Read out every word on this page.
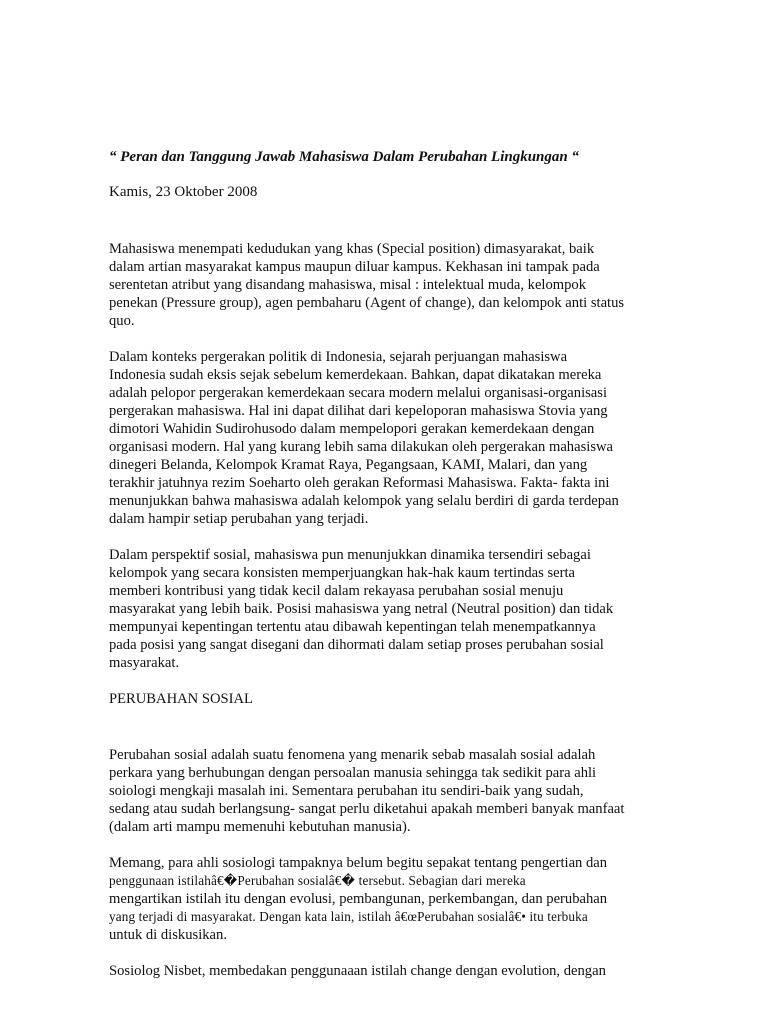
“ Peran dan Tanggung Jawab Mahasiswa Dalam Perubahan Lingkungan “
Kamis, 23 Oktober 2008
Mahasiswa menempati kedudukan yang khas (Special position) dimasyarakat, baik
dalam artian masyarakat kampus maupun diluar kampus. Kekhasan ini tampak pada
serentetan atribut yang disandang mahasiswa, misal : intelektual muda, kelompok
penekan (Pressure group), agen pembaharu (Agent of change), dan kelompok anti status
quo.
Dalam konteks pergerakan politik di Indonesia, sejarah perjuangan mahasiswa
Indonesia sudah eksis sejak sebelum kemerdekaan. Bahkan, dapat dikatakan mereka
adalah pelopor pergerakan kemerdekaan secara modern melalui organisasi-organisasi
pergerakan mahasiswa. Hal ini dapat dilihat dari kepeloporan mahasiswa Stovia yang
dimotori Wahidin Sudirohusodo dalam mempelopori gerakan kemerdekaan dengan
organisasi modern. Hal yang kurang lebih sama dilakukan oleh pergerakan mahasiswa
dinegeri Belanda, Kelompok Kramat Raya, Pegangsaan, KAMI, Malari, dan yang
terakhir jatuhnya rezim Soeharto oleh gerakan Reformasi Mahasiswa. Fakta- fakta ini
menunjukkan bahwa mahasiswa adalah kelompok yang selalu berdiri di garda terdepan
dalam hampir setiap perubahan yang terjadi.
Dalam perspektif sosial, mahasiswa pun menunjukkan dinamika tersendiri sebagai
kelompok yang secara konsisten memperjuangkan hak-hak kaum tertindas serta
memberi kontribusi yang tidak kecil dalam rekayasa perubahan sosial menuju
masyarakat yang lebih baik. Posisi mahasiswa yang netral (Neutral position) dan tidak
mempunyai kepentingan tertentu atau dibawah kepentingan telah menempatkannya
pada posisi yang sangat disegani dan dihormati dalam setiap proses perubahan sosial
masyarakat.
PERUBAHAN SOSIAL
Perubahan sosial adalah suatu fenomena yang menarik sebab masalah sosial adalah
perkara yang berhubungan dengan persoalan manusia sehingga tak sedikit para ahli
soiologi mengkaji masalah ini. Sementara perubahan itu sendiri-baik yang sudah,
sedang atau sudah berlangsung- sangat perlu diketahui apakah memberi banyak manfaat
(dalam arti mampu memenuhi kebutuhan manusia).
Memang, para ahli sosiologi tampaknya belum begitu sepakat tentang pengertian dan
penggunaan istilahâ€�Perubahan sosialâ€� tersebut. Sebagian dari mereka
mengartikan istilah itu dengan evolusi, pembangunan, perkembangan, dan perubahan
yang terjadi di masyarakat. Dengan kata lain, istilah â€œPerubahan sosialâ€• itu terbuka
untuk di diskusikan.
Sosiolog Nisbet, membedakan penggunaaan istilah change dengan evolution, dengan
